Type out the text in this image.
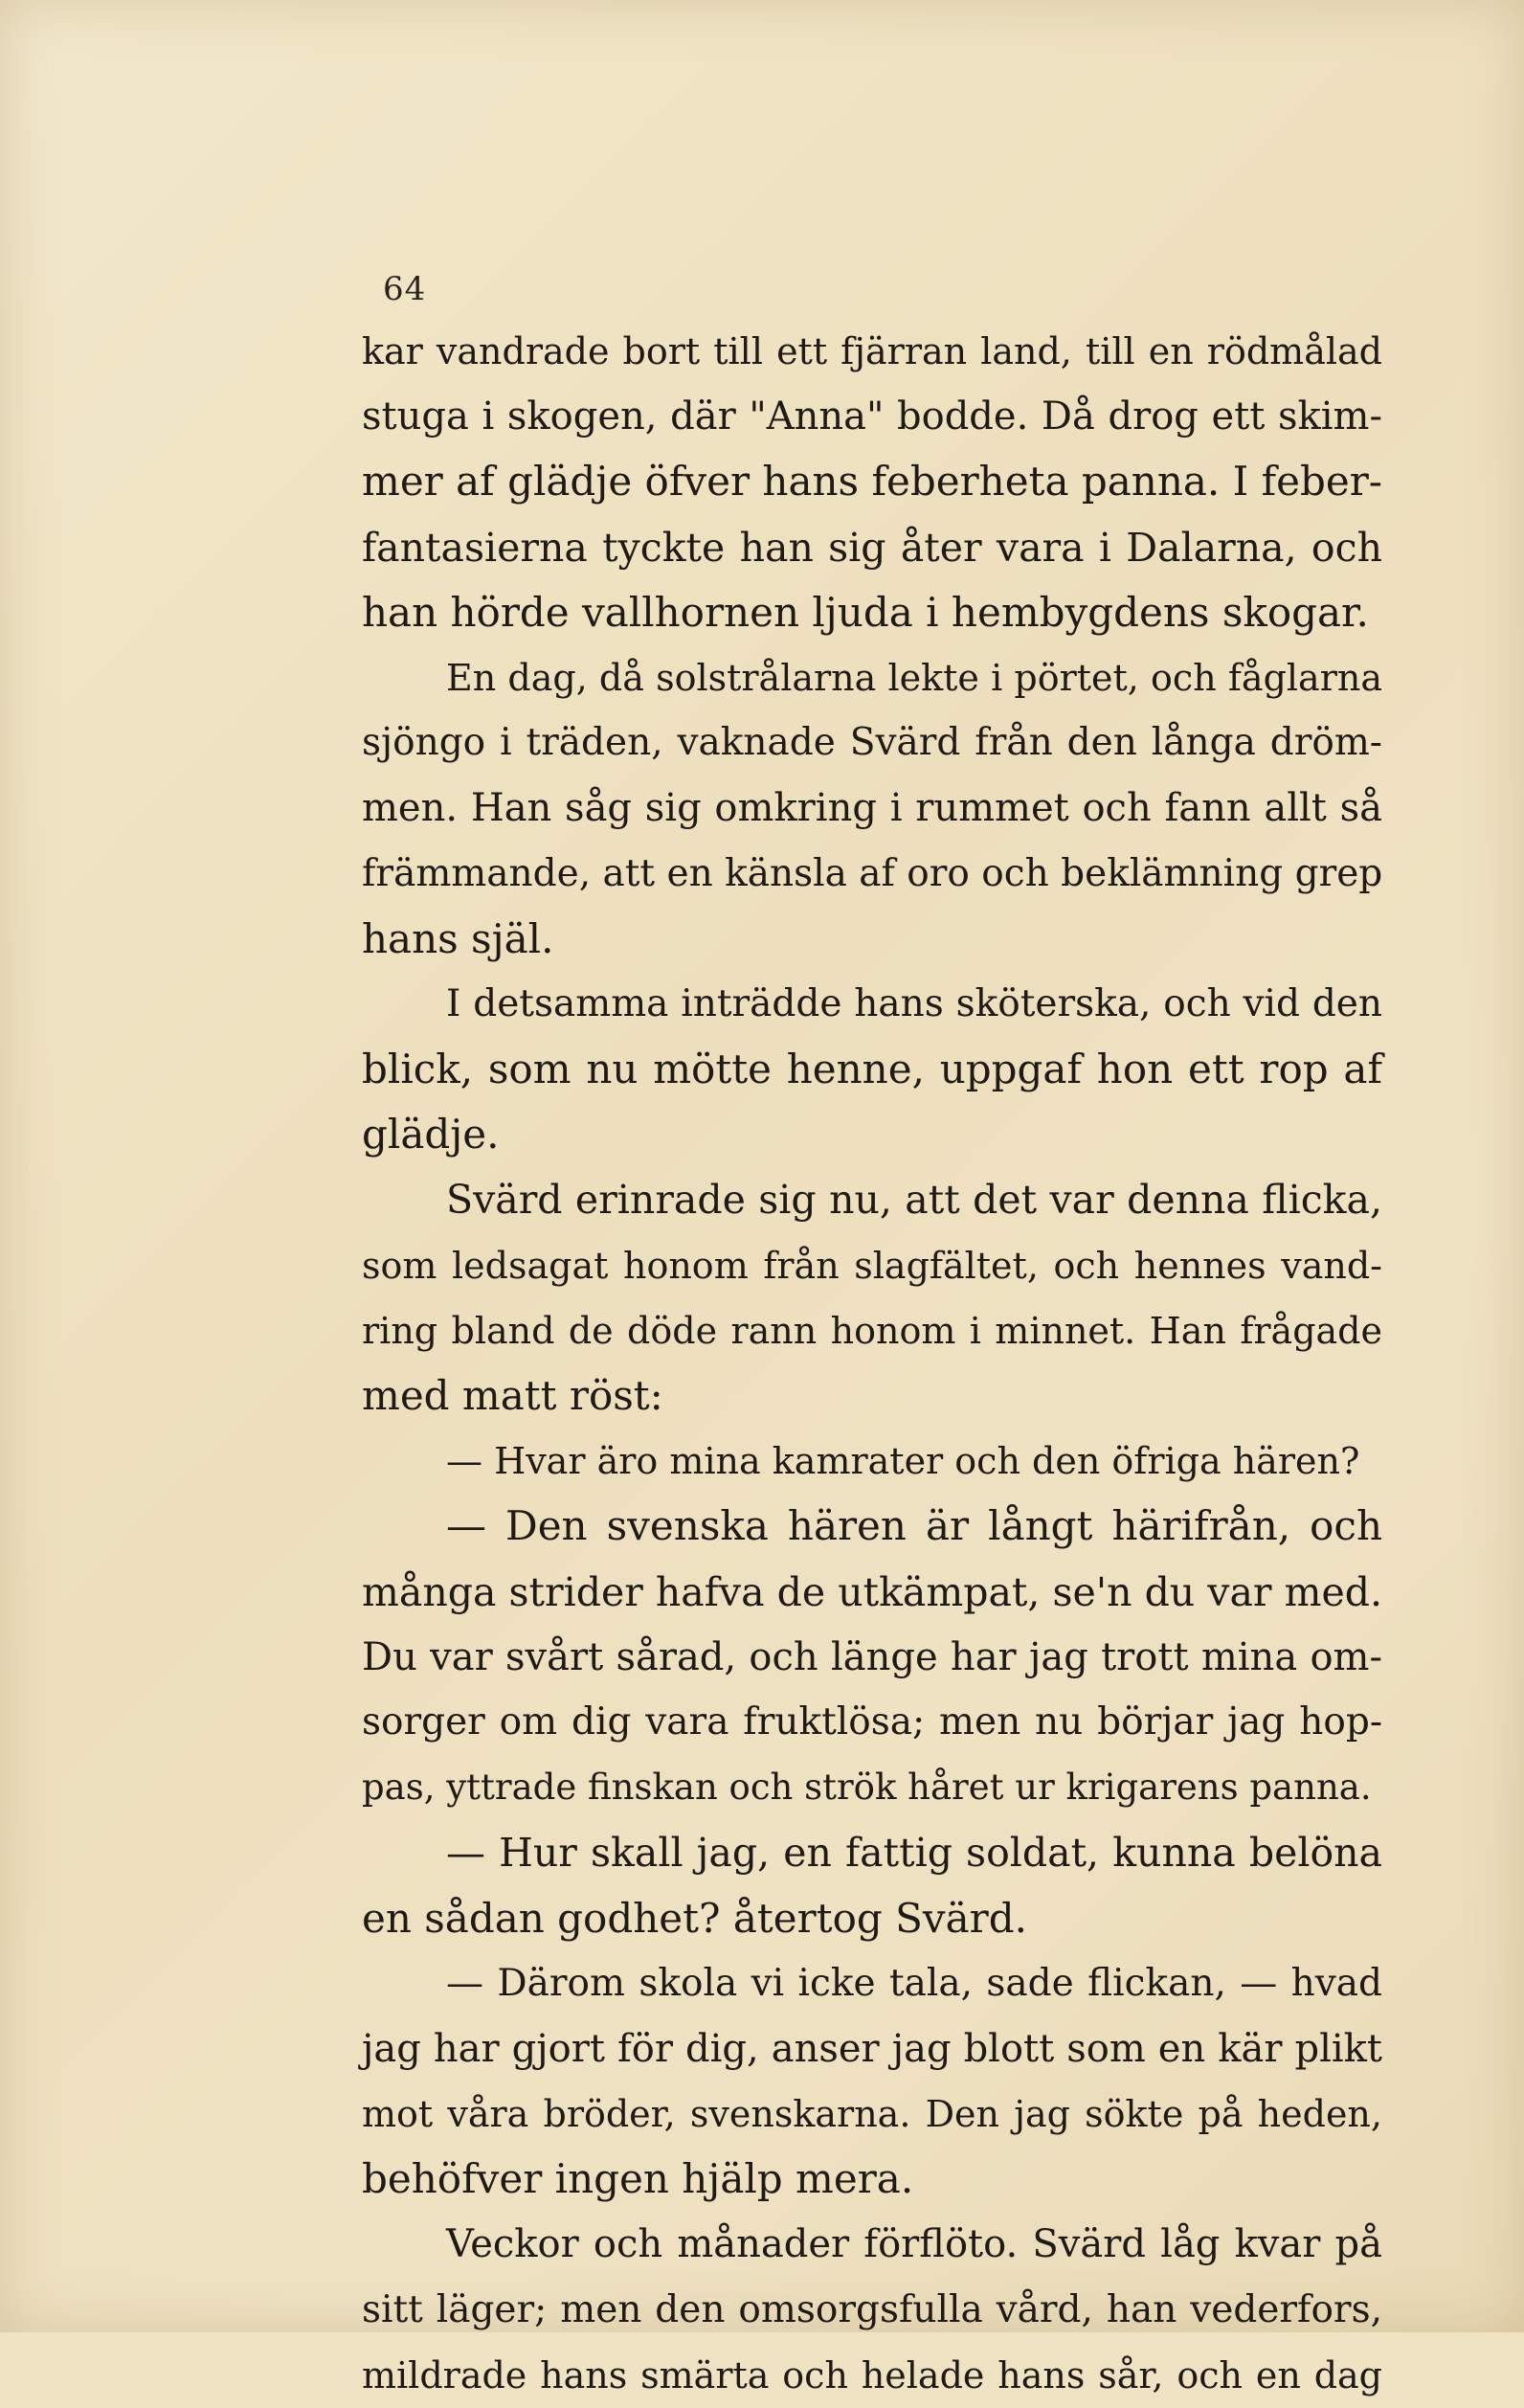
64
kar vandrade bort till ett fjärran land, till en rödmålad
stuga i skogen, där "Anna" bodde. Då drog ett skim-
mer af glädje öfver hans feberheta panna. I feber-
fantasierna tyckte han sig åter vara i Dalarna, och
han hörde vallhornen ljuda i hembygdens skogar.
En dag, då solstrålarna lekte i pörtet, och fåglarna
sjöngo i träden, vaknade Svärd från den långa dröm-
men. Han såg sig omkring i rummet och fann allt så
främmande, att en känsla af oro och beklämning grep
hans själ.
I detsamma inträdde hans sköterska, och vid den
blick, som nu mötte henne, uppgaf hon ett rop af
glädje.
Svärd erinrade sig nu, att det var denna flicka,
som ledsagat honom från slagfältet, och hennes vand-
ring bland de döde rann honom i minnet. Han frågade
med matt röst:
— Hvar äro mina kamrater och den öfriga hären?
— Den svenska hären är långt härifrån, och
många strider hafva de utkämpat, se'n du var med.
Du var svårt sårad, och länge har jag trott mina om-
sorger om dig vara fruktlösa; men nu börjar jag hop-
pas, yttrade finskan och strök håret ur krigarens panna.
— Hur skall jag, en fattig soldat, kunna belöna
en sådan godhet? återtog Svärd.
— Därom skola vi icke tala, sade flickan, — hvad
jag har gjort för dig, anser jag blott som en kär plikt
mot våra bröder, svenskarna. Den jag sökte på heden,
behöfver ingen hjälp mera.
Veckor och månader förflöto. Svärd låg kvar på
sitt läger; men den omsorgsfulla vård, han vederfors,
mildrade hans smärta och helade hans sår, och en dag
